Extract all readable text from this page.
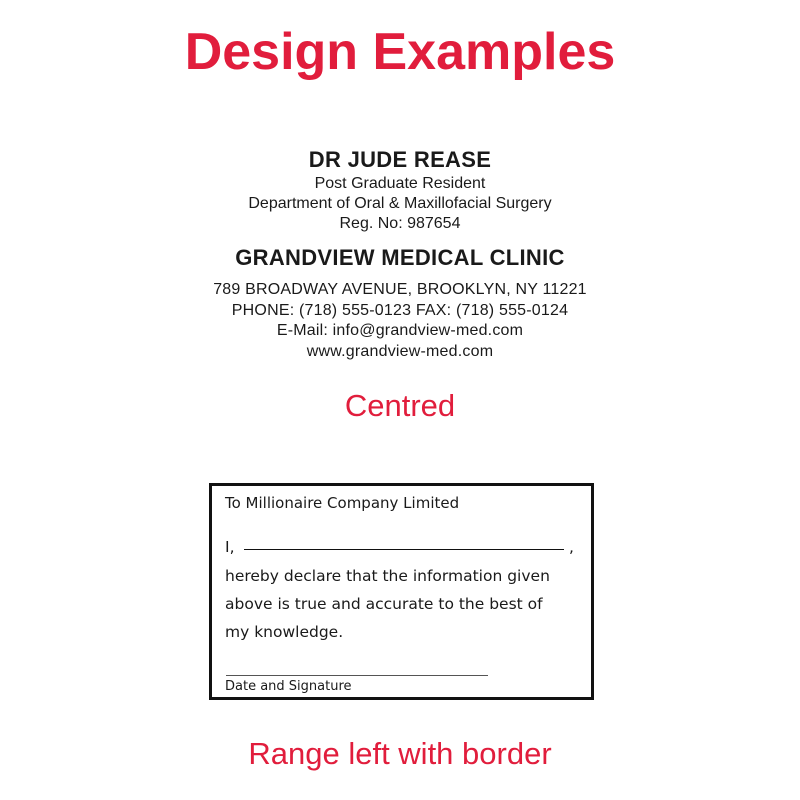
Design Examples
DR JUDE REASE
Post Graduate Resident
Department of Oral & Maxillofacial Surgery
Reg. No: 987654
GRANDVIEW MEDICAL CLINIC
789 BROADWAY AVENUE, BROOKLYN, NY 11221
PHONE: (718) 555-0123 FAX: (718) 555-0124
E-Mail: info@grandview-med.com
www.grandview-med.com
Centred
To Millionaire Company Limited
I,	,
hereby declare that the information given
above is true and accurate to the best of
my knowledge.
Date and Signature
Range left with border
